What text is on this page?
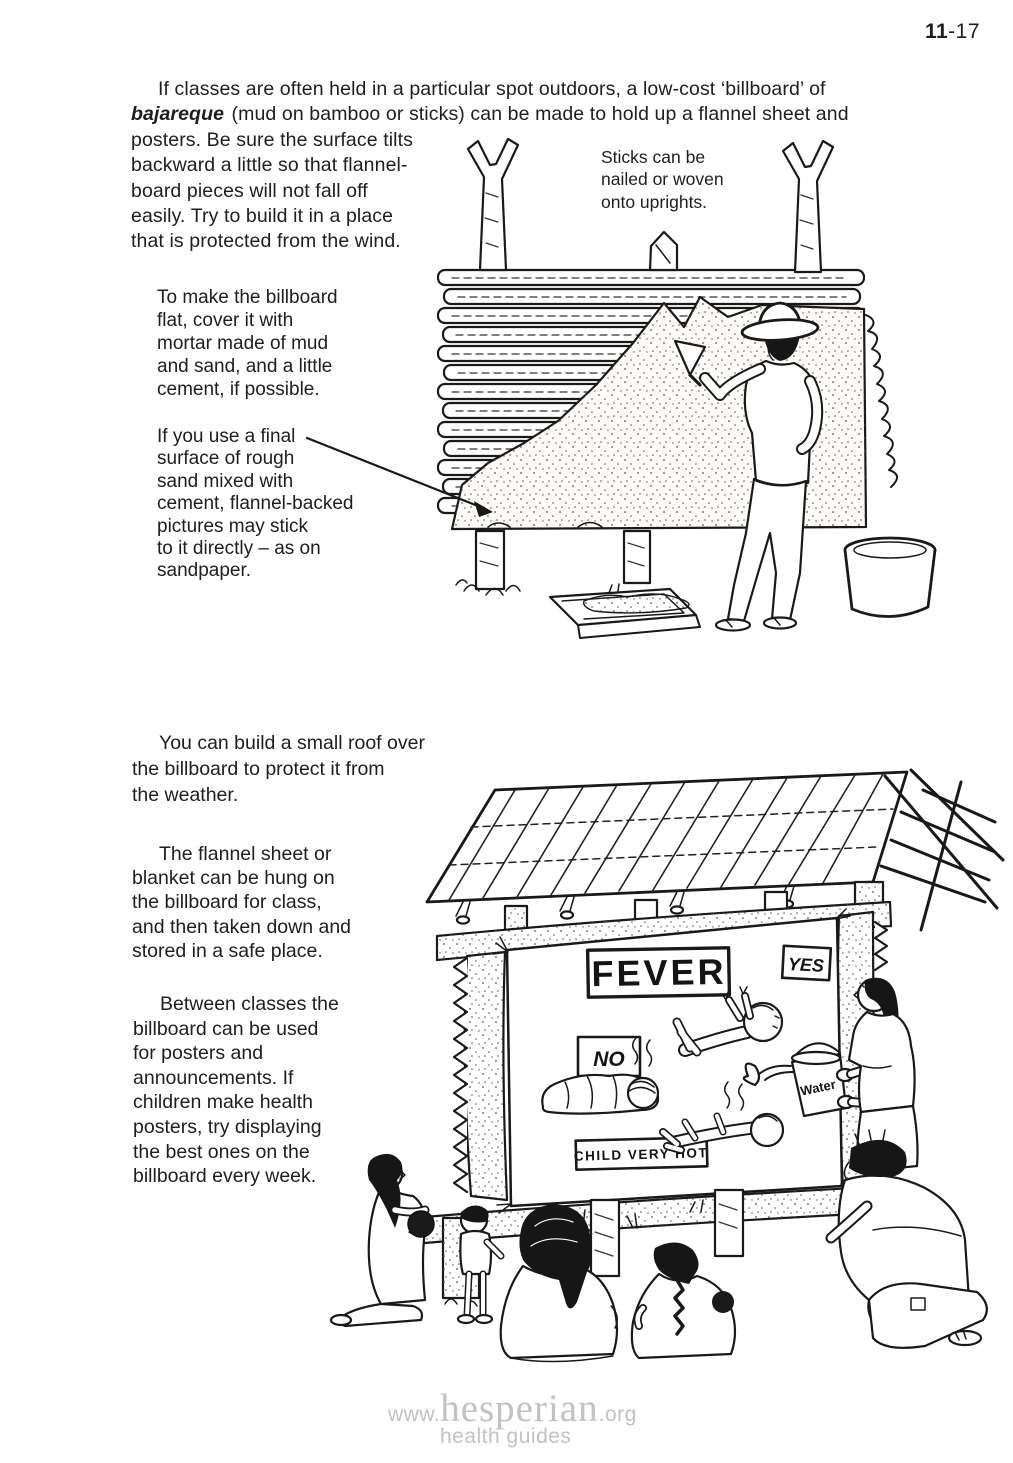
11-17
If classes are often held in a particular spot outdoors, a low-cost ‘billboard’ of
bajareque (mud on bamboo or sticks) can be made to hold up a flannel sheet and
posters. Be sure the surface tilts
backward a little so that flannel-
board pieces will not fall off
easily. Try to build it in a place
that is protected from the wind.
Sticks can be
nailed or woven
onto uprights.
To make the billboard
flat, cover it with
mortar made of mud
and sand, and a little
cement, if possible.
If you use a final
surface of rough
sand mixed with
cement, flannel-backed
pictures may stick
to it directly – as on
sandpaper.
You can build a small roof over
the billboard to protect it from
the weather.
The flannel sheet or
blanket can be hung on
the billboard for class,
and then taken down and
stored in a safe place.
Between classes the
billboard can be used
for posters and
announcements. If
children make health
posters, try displaying
the best ones on the
billboard every week.
FEVER	YES
NO
CHILD VERY HOT
Water
www.hesperian.org
health guides
